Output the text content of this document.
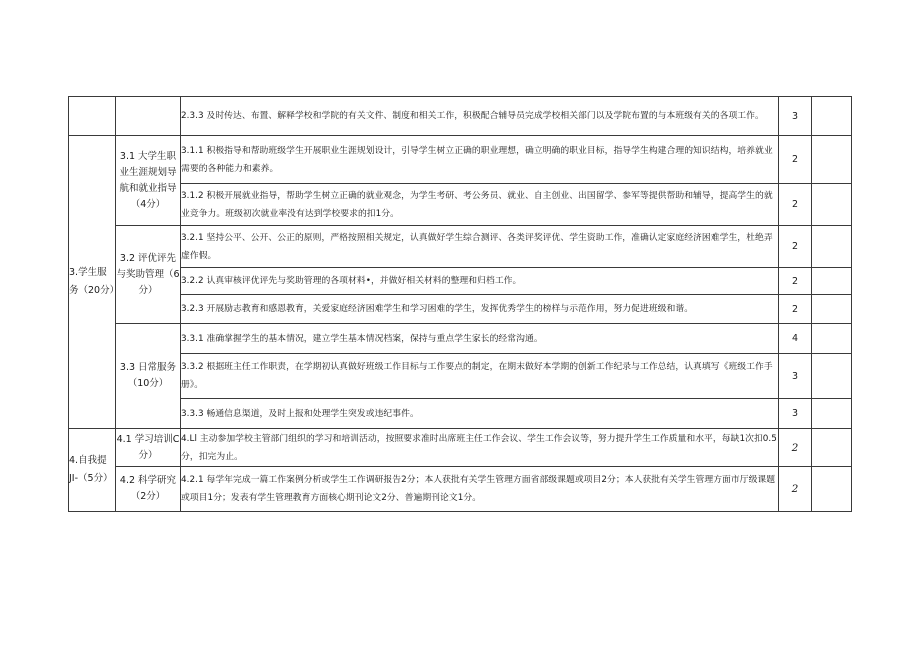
		2.3.3 及时传达、布置、解释学校和学院的有关文件、制度和相关工作，积极配合辅导员完成学校相关部门以及学院布置的与本班级有关的各项工作。	3	
3.学生服务（20分）	3.1 大学生职业生涯规划导航和就业指导（4分）	3.1.1 积极指导和帮助班级学生开展职业生涯规划设计，引导学生树立正确的职业理想，确立明确的职业目标，指导学生构建合理的知识结构，培养就业需要的各种能力和素养。	2	
		3.1.2 积极开展就业指导，帮助学生树立正确的就业观念，为学生考研、考公务员、就业、自主创业、出国留学、参军等提供帮助和辅导，提高学生的就业竞争力。班级初次就业率没有达到学校要求的扣1分。	2	
	3.2 评优评先与奖助管理（6分）	3.2.1 坚持公平、公开、公正的原则，严格按照相关规定，认真做好学生综合测评、各类评奖评优、学生资助工作，准确认定家庭经济困难学生，杜绝弄虚作假。	2	
		3.2.2 认真审核评优评先与奖助管理的各项材料•，并做好相关材料的整理和归档工作。	2	
		3.2.3 开展励志教育和感恩教育，关爱家庭经济困难学生和学习困难的学生，发挥优秀学生的榜样与示范作用，努力促进班级和谐。	2	
	3.3 日常服务（10分）	3.3.1 准确掌握学生的基本情况，建立学生基本情况档案，保持与重点学生家长的经常沟通。	4	
		3.3.2 根据班主任工作职责，在学期初认真做好班级工作目标与工作要点的制定，在期末做好本学期的创新工作纪录与工作总结，认真填写《班级工作手册》。	3	
		3.3.3 畅通信息渠道，及时上报和处理学生突发或违纪事件。	3	
4.自我提JI-（5分）	4.1 学习培训C分）	4.Ll 主动参加学校主管部门组织的学习和培训活动，按照要求准时出席班主任工作会议、学生工作会议等，努力提升学生工作质量和水平，每缺1次扣0.5分，扣完为止。	2	
	4.2 科学研究（2分）	4.2.1 每学年完成一篇工作案例分析或学生工作调研报告2分；本人获批有关学生管理方面省部级课题或项目2分；本人获批有关学生管理方面市厅级课题或项目1分；发表有学生管理教育方面核心期刊论文2分、普遍期刊论文1分。	2	
